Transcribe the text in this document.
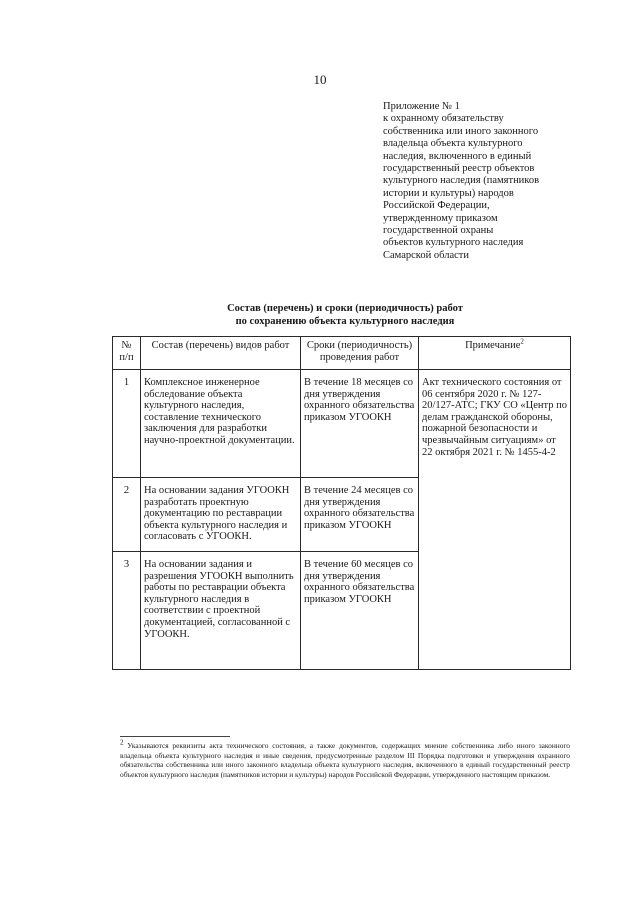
10
Приложение № 1
к охранному обязательству
собственника или иного законного
владельца объекта культурного
наследия, включенного в единый
государственный реестр объектов
культурного наследия (памятников
истории и культуры) народов
Российской Федерации,
утвержденному приказом
государственной охраны
объектов культурного наследия
Самарской области
Состав (перечень) и сроки (периодичность) работ
по сохранению объекта культурного наследия
№ п/п	Состав (перечень) видов работ	Сроки (периодичность) проведения работ	Примечание$^2$
1	Комплексное инженерное обследование объекта культурного наследия, составление технического заключения для разработки научно-проектной документации.	В течение 18 месяцев со дня утверждения охранного обязательства приказом УГООКН	Акт технического состояния от 06 сентября 2020 г. № 127-20/127-АТС; ГКУ СО «Центр по делам гражданской обороны, пожарной безопасности и чрезвычайным ситуациям» от 22 октября 2021 г. № 1455-4-2
2	На основании задания УГООКН разработать проектную документацию по реставрации объекта культурного наследия и согласовать с УГООКН.	В течение 24 месяцев со дня утверждения охранного обязательства приказом УГООКН	
3	На основании задания и разрешения УГООКН выполнить работы по реставрации объекта культурного наследия в соответствии с проектной документацией, согласованной с УГООКН.	В течение 60 месяцев со дня утверждения охранного обязательства приказом УГООКН	
$^2$ Указываются реквизиты акта технического состояния, а также документов, содержащих мнение собственника либо иного законного владельца объекта культурного наследия и иные сведения, предусмотренные разделом III Порядка подготовки и утверждения охранного обязательства собственника или иного законного владельца объекта культурного наследия, включенного в единый государственный реестр объектов культурного наследия (памятников истории и культуры) народов Российской Федерации, утвержденного настоящим приказом.
